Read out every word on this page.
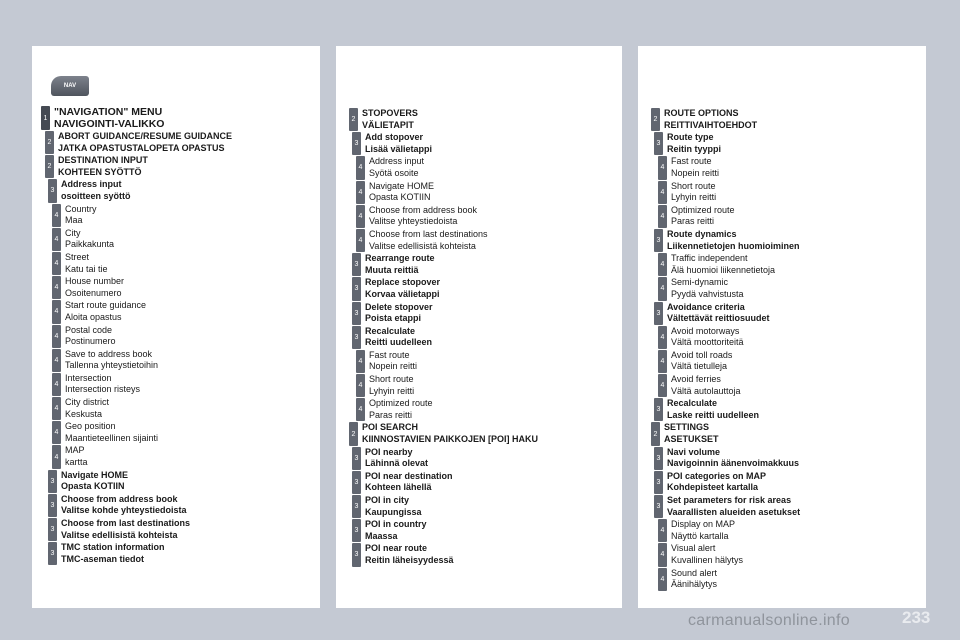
NAV
1 "NAVIGATION" MENU
NAVIGOINTI-VALIKKO
2
ABORT GUIDANCE/RESUME GUIDANCE
JATKA OPASTUSTALOPETA OPASTUS
2
DESTINATION INPUT
KOHTEEN SYÖTTÖ
3
Address input
osoitteen syöttö
4
Country
Maa
4
City
Paikkakunta
4
Street
Katu tai tie
4
House number
Osoitenumero
4
Start route guidance
Aloita opastus
4
Postal code
Postinumero
4
Save to address book
Tallenna yhteystietoihin
4
Intersection
Intersection risteys
4
City district
Keskusta
4
Geo position
Maantieteellinen sijainti
4
MAP
kartta
3
Navigate HOME
Opasta KOTIIN
3
Choose from address book
Valitse kohde yhteystiedoista
3
Choose from last destinations
Valitse edellisistä kohteista
3
TMC station information
TMC-aseman tiedot
2
STOPOVERS
VÄLIETAPIT
3
Add stopover
Lisää välietappi
4
Address input
Syötä osoite
4
Navigate HOME
Opasta KOTIIN
4
Choose from address book
Valitse yhteystiedoista
4
Choose from last destinations
Valitse edellisistä kohteista
3
Rearrange route
Muuta reittiä
3
Replace stopover
Korvaa välietappi
3
Delete stopover
Poista etappi
3
Recalculate
Reitti uudelleen
4
Fast route
Nopein reitti
4
Short route
Lyhyin reitti
4
Optimized route
Paras reitti
2
POI SEARCH
KIINNOSTAVIEN PAIKKOJEN [POI] HAKU
3
POI nearby
Lähinnä olevat
3
POI near destination
Kohteen lähellä
3
POI in city
Kaupungissa
3
POI in country
Maassa
3
POI near route
Reitin läheisyydessä
2
ROUTE OPTIONS
REITTIVAIHTOEHDOT
3
Route type
Reitin tyyppi
4
Fast route
Nopein reitti
4
Short route
Lyhyin reitti
4
Optimized route
Paras reitti
3
Route dynamics
Liikennetietojen huomioiminen
4
Traffic independent
Älä huomioi liikennetietoja
4
Semi-dynamic
Pyydä vahvistusta
3
Avoidance criteria
Vältettävät reittiosuudet
4
Avoid motorways
Vältä moottoriteitä
4
Avoid toll roads
Vältä tietulleja
4
Avoid ferries
Vältä autolauttoja
3
Recalculate
Laske reitti uudelleen
2
SETTINGS
ASETUKSET
3
Navi volume
Navigoinnin äänenvoimakkuus
3
POI categories on MAP
Kohdepisteet kartalla
3
Set parameters for risk areas
Vaarallisten alueiden asetukset
4
Display on MAP
Näyttö kartalla
4
Visual alert
Kuvallinen hälytys
4
Sound alert
Äänihälytys
carmanualsonline.info	233
